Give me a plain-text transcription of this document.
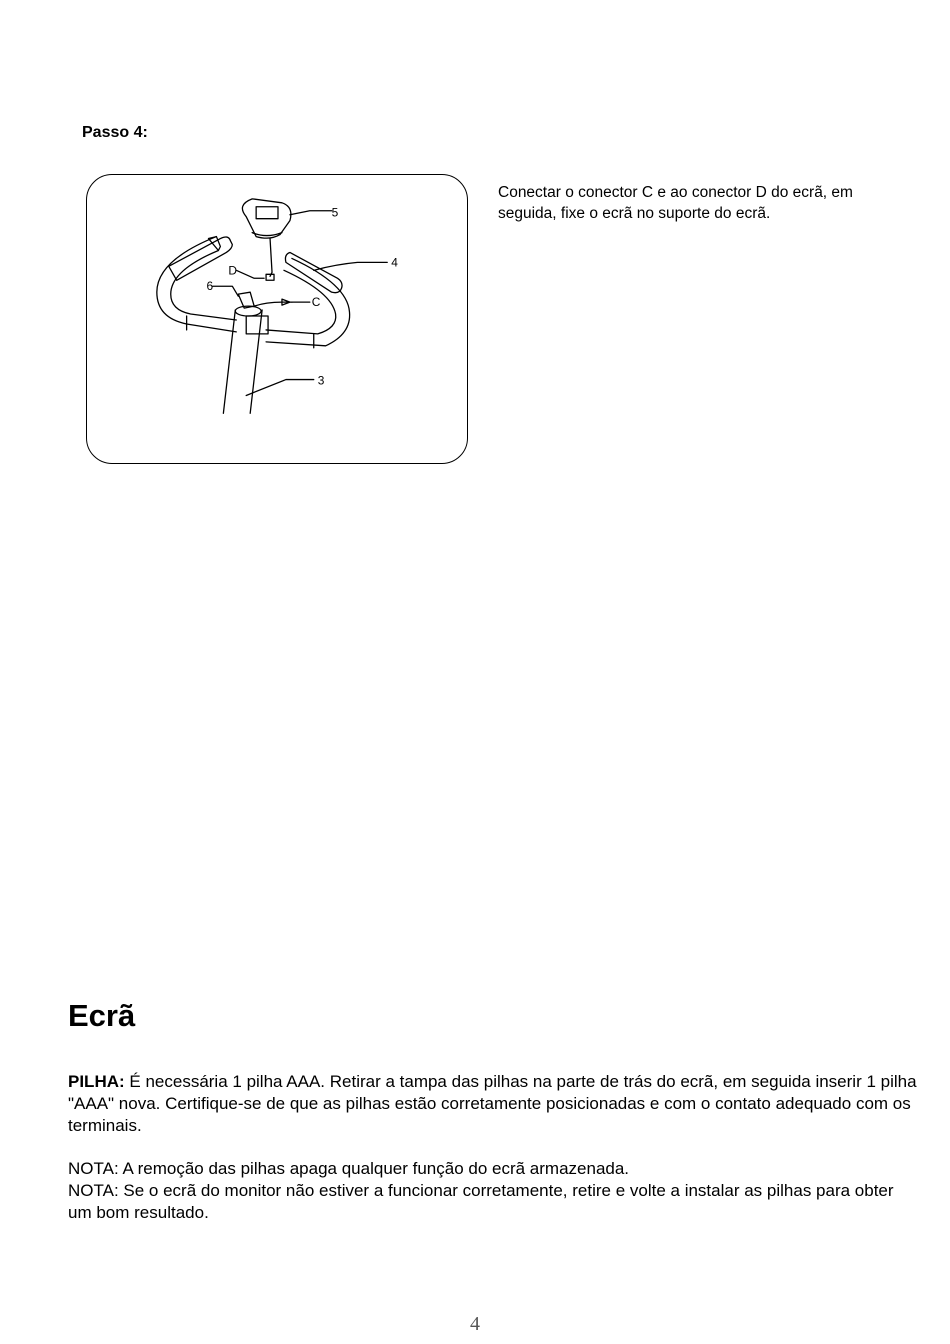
Passo 4:
5
4
D
6
C
3
Conectar o conector C e ao conector D do ecrã, em seguida, fixe o ecrã no suporte do ecrã.
Ecrã
PILHA: É necessária 1 pilha AAA. Retirar a tampa das pilhas na parte de trás do ecrã, em seguida inserir 1 pilha "AAA" nova. Certifique-se de que as pilhas estão corretamente posicionadas e com o contato adequado com os terminais.
NOTA: A remoção das pilhas apaga qualquer função do ecrã armazenada.
NOTA: Se o ecrã do monitor não estiver a funcionar corretamente, retire e volte a instalar as pilhas para obter um bom resultado.
4
